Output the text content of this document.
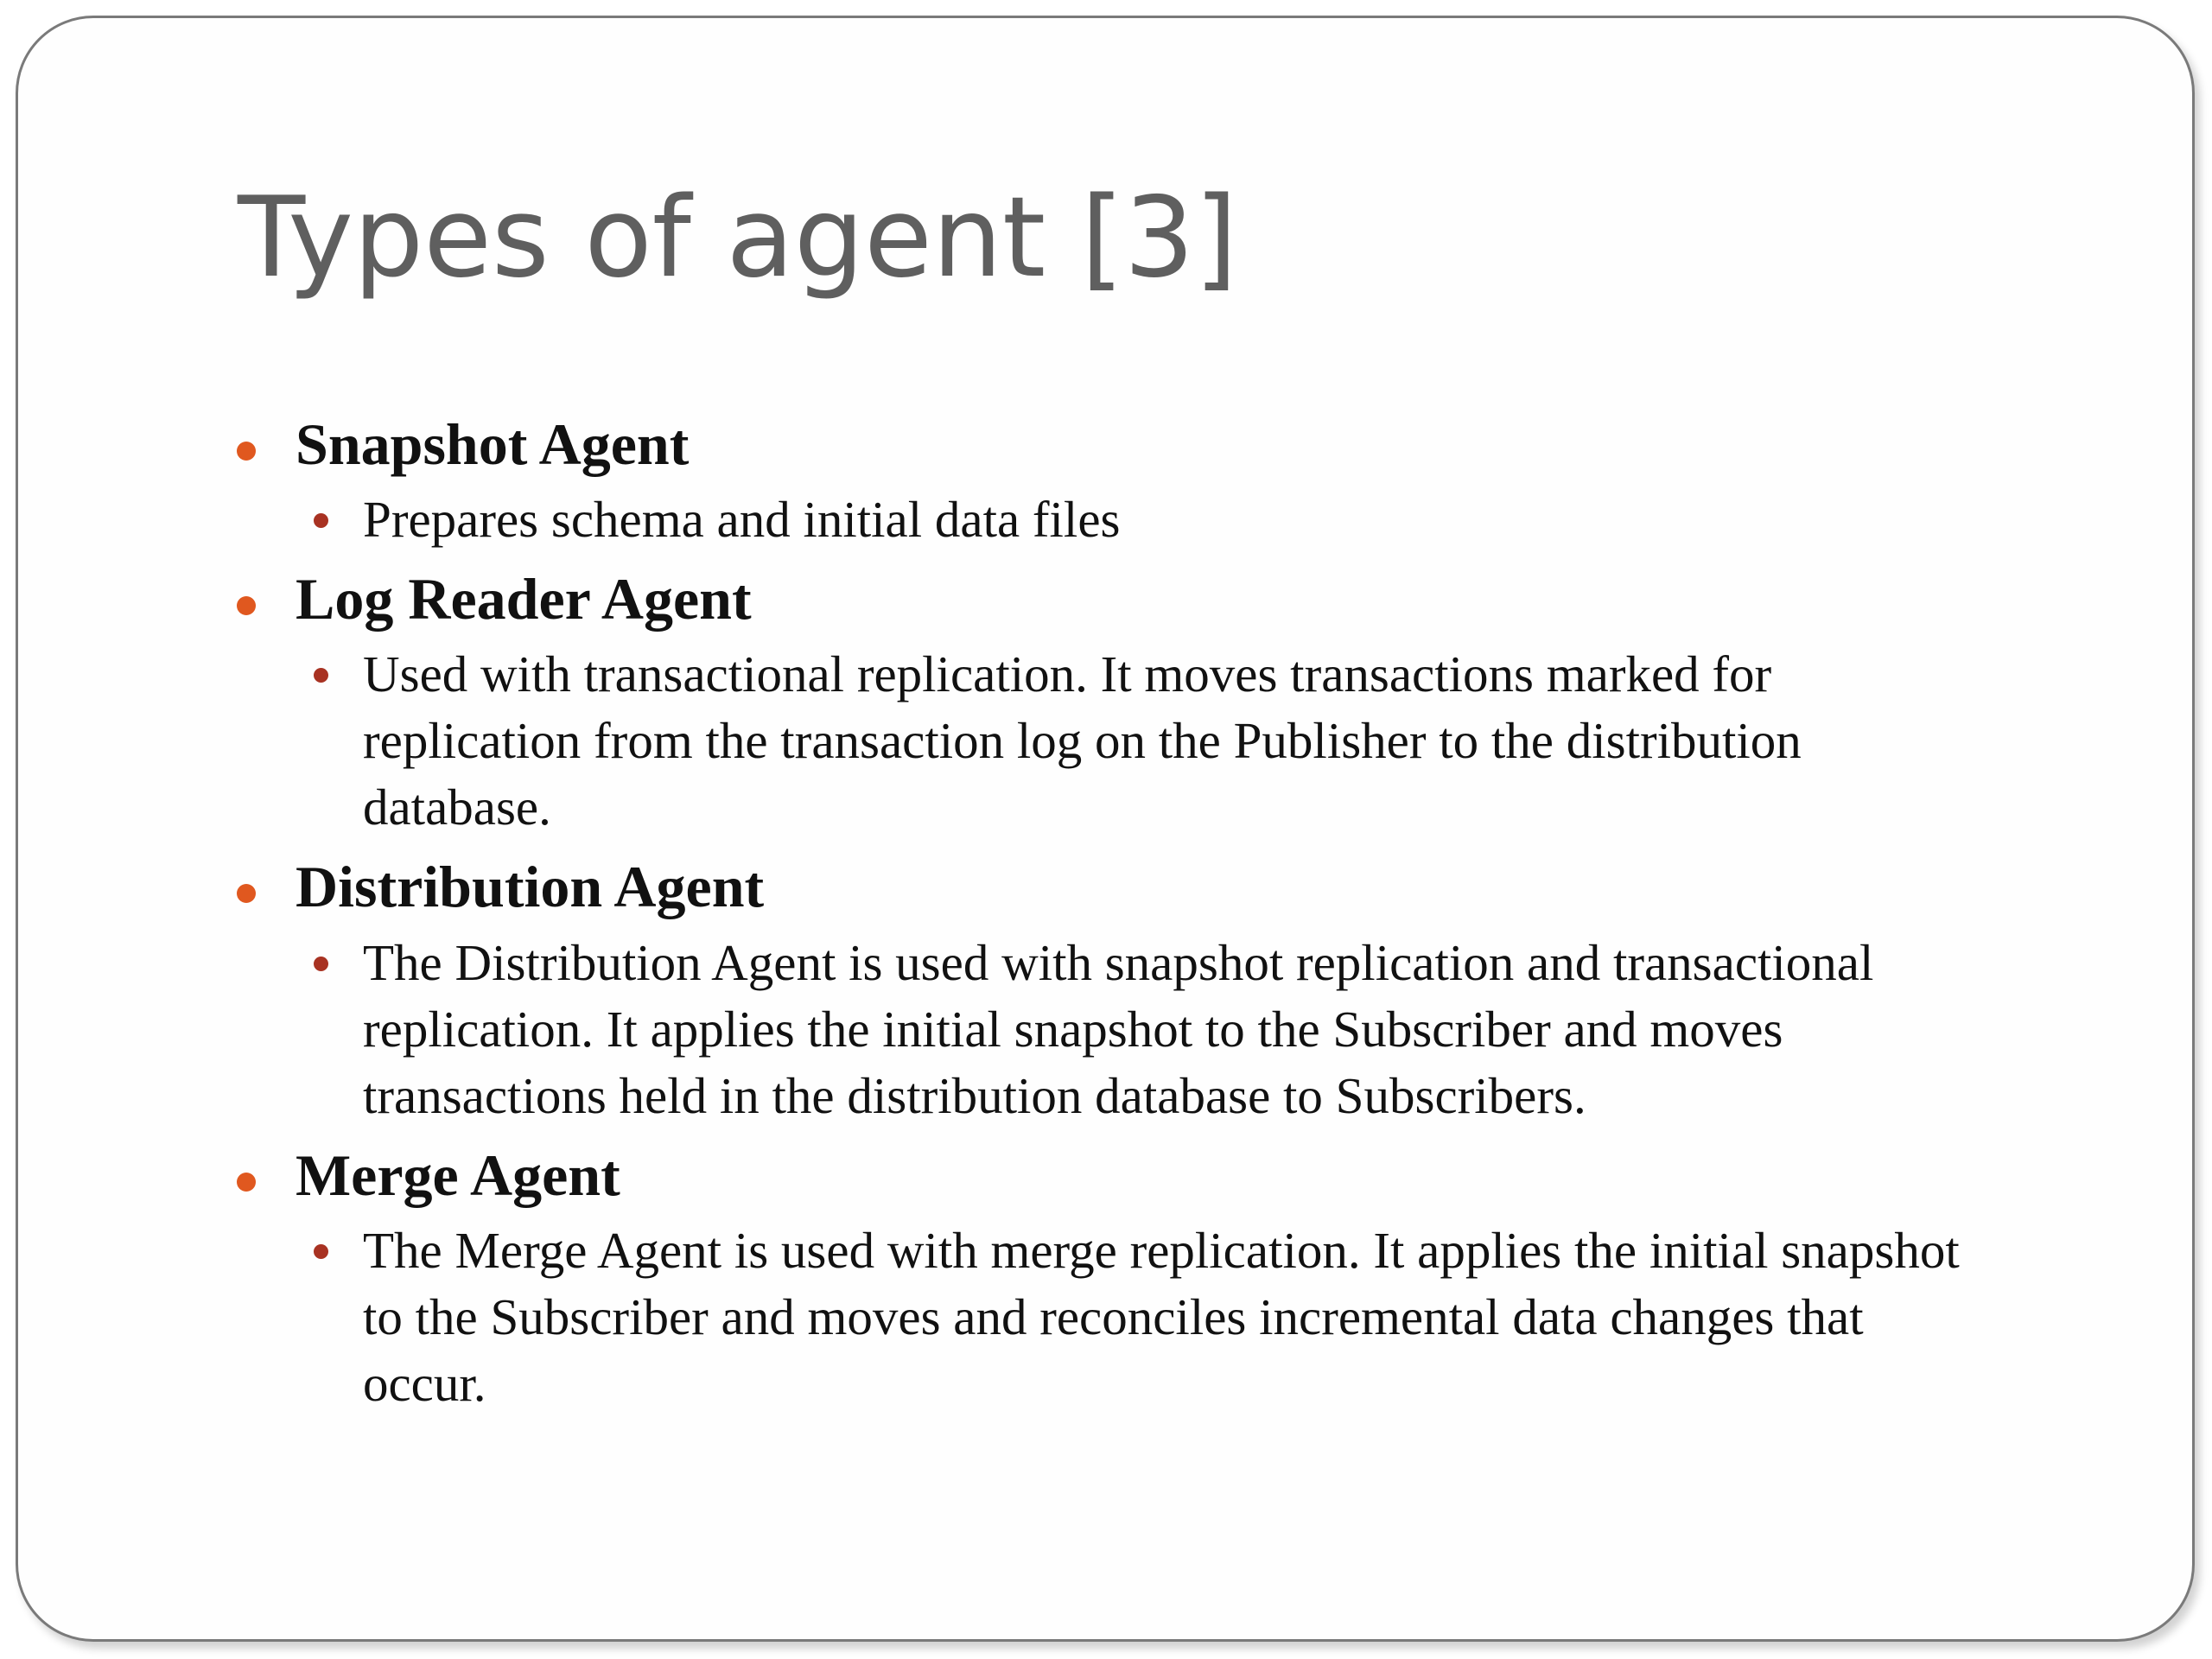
Types of agent [3]
Snapshot Agent
Prepares schema and initial data files
Log Reader Agent
Used with transactional replication. It moves transactions marked for replication from the transaction log on the Publisher to the distribution database.
Distribution Agent
The Distribution Agent is used with snapshot replication and transactional replication. It applies the initial snapshot to the Subscriber and moves transactions held in the distribution database to Subscribers.
Merge Agent
The Merge Agent is used with merge replication. It applies the initial snapshot to the Subscriber and moves and reconciles incremental data changes that occur.
